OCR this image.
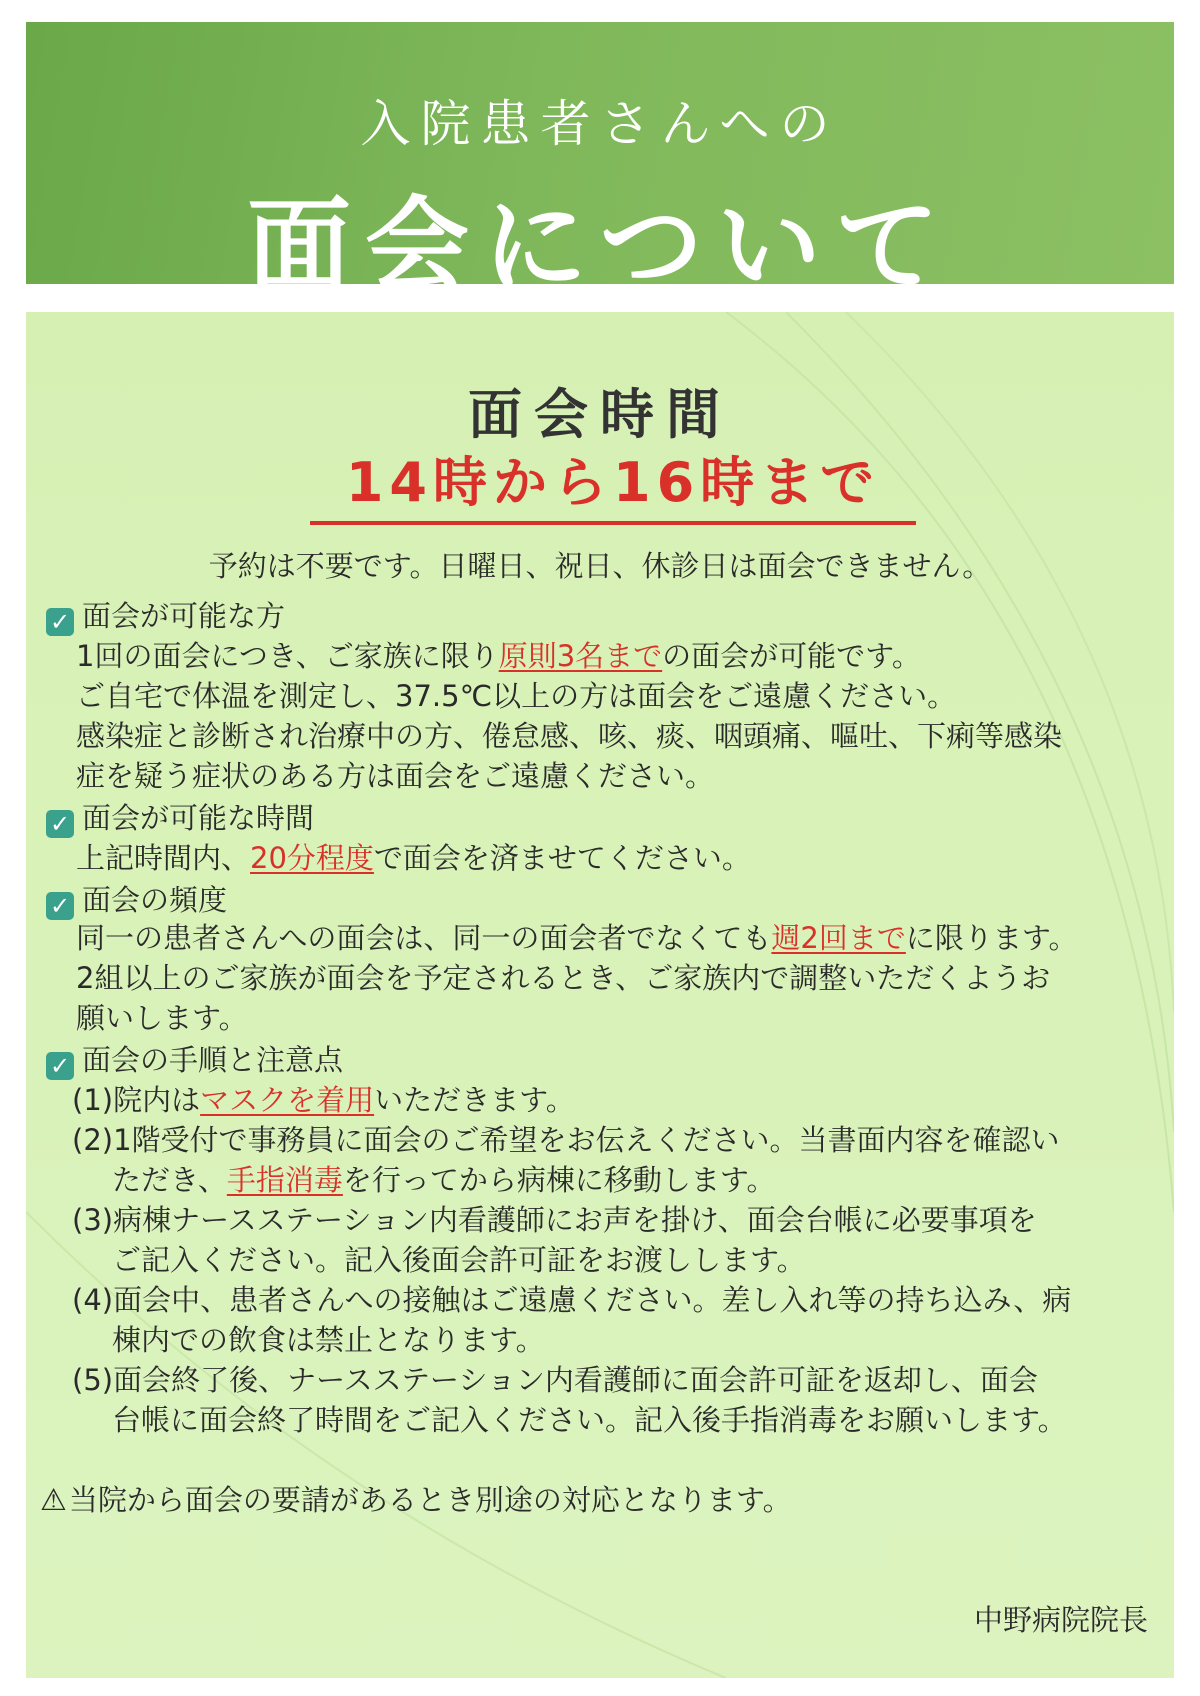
入院患者さんへの
面会について
面会時間
14時から16時まで
予約は不要です。日曜日、祝日、休診日は面会できません。
✓ 面会が可能な方
1回の面会につき、ご家族に限り原則3名までの面会が可能です。
ご自宅で体温を測定し、37.5℃以上の方は面会をご遠慮ください。
感染症と診断され治療中の方、倦怠感、咳、痰、咽頭痛、嘔吐、下痢等感染
症を疑う症状のある方は面会をご遠慮ください。
✓ 面会が可能な時間
上記時間内、20分程度で面会を済ませてください。
✓ 面会の頻度
同一の患者さんへの面会は、同一の面会者でなくても週2回までに限ります。
2組以上のご家族が面会を予定されるとき、ご家族内で調整いただくようお
願いします。
✓ 面会の手順と注意点
(1)院内はマスクを着用いただきます。
(2)1階受付で事務員に面会のご希望をお伝えください。当書面内容を確認い
ただき、手指消毒を行ってから病棟に移動します。
(3)病棟ナースステーション内看護師にお声を掛け、面会台帳に必要事項を
ご記入ください。記入後面会許可証をお渡しします。
(4)面会中、患者さんへの接触はご遠慮ください。差し入れ等の持ち込み、病
棟内での飲食は禁止となります。
(5)面会終了後、ナースステーション内看護師に面会許可証を返却し、面会
台帳に面会終了時間をご記入ください。記入後手指消毒をお願いします。
⚠当院から面会の要請があるとき別途の対応となります。
中野病院院長
